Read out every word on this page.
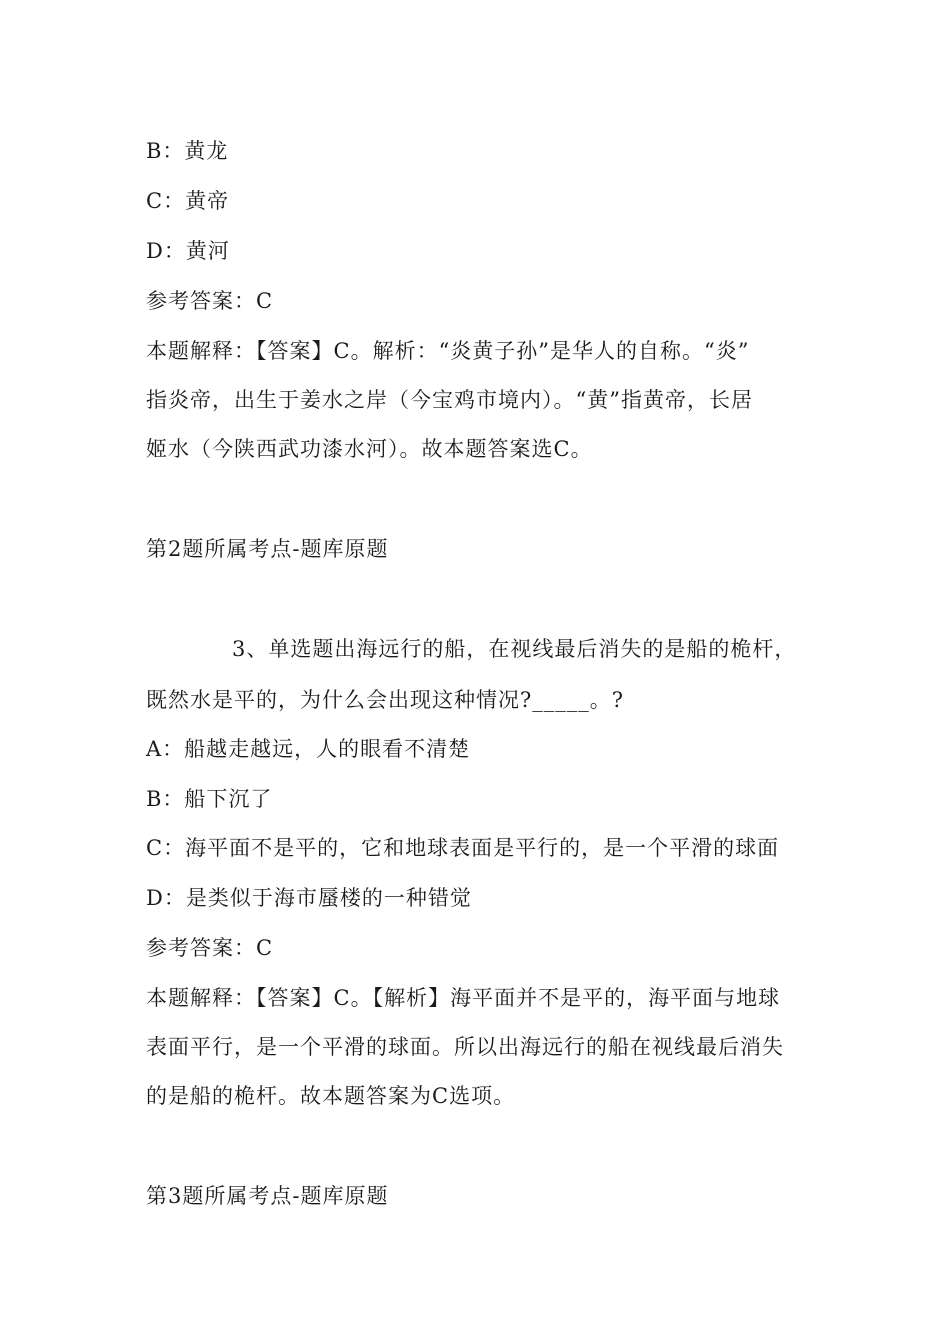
B：黄龙
C：黄帝
D：黄河
参考答案：C
本题解释：【答案】C。解析：“炎黄子孙”是华人的自称。“炎”
指炎帝，出生于姜水之岸（今宝鸡市境内）。“黄”指黄帝，长居
姬水（今陕西武功漆水河）。故本题答案选C。
第2题所属考点-题库原题
3、单选题出海远行的船，在视线最后消失的是船的桅杆，
既然水是平的，为什么会出现这种情况?_____。?
A：船越走越远，人的眼看不清楚
B：船下沉了
C：海平面不是平的，它和地球表面是平行的，是一个平滑的球面
D：是类似于海市蜃楼的一种错觉
参考答案：C
本题解释：【答案】C。【解析】海平面并不是平的，海平面与地球
表面平行，是一个平滑的球面。所以出海远行的船在视线最后消失
的是船的桅杆。故本题答案为C选项。
第3题所属考点-题库原题
